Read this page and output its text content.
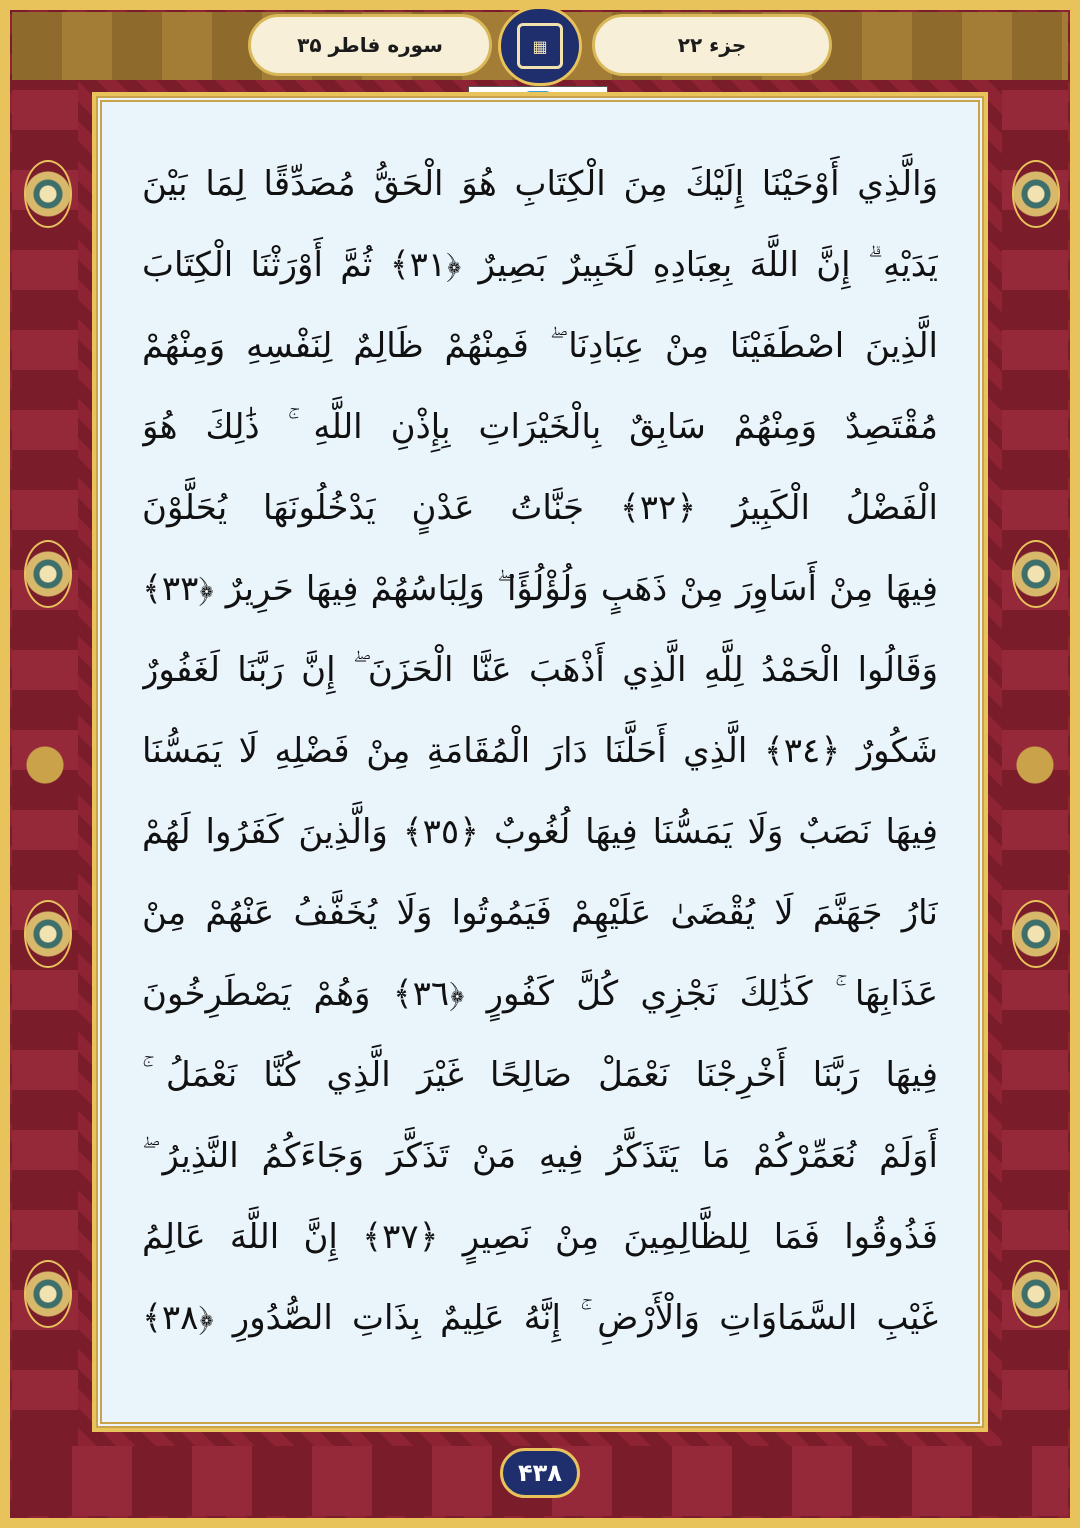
سوره فاطر ۳۵	جزء ۲۲
▦
وَالَّذِي أَوْحَيْنَا إِلَيْكَ مِنَ الْكِتَابِ هُوَ الْحَقُّ مُصَدِّقًا لِمَا بَيْنَ
يَدَيْهِ ۗ إِنَّ اللَّهَ بِعِبَادِهِ لَخَبِيرٌ بَصِيرٌ ﴿٣١﴾ ثُمَّ أَوْرَثْنَا الْكِتَابَ
الَّذِينَ اصْطَفَيْنَا مِنْ عِبَادِنَا ۖ فَمِنْهُمْ ظَالِمٌ لِنَفْسِهِ وَمِنْهُمْ
مُقْتَصِدٌ وَمِنْهُمْ سَابِقٌ بِالْخَيْرَاتِ بِإِذْنِ اللَّهِ ۚ ذَٰلِكَ هُوَ
الْفَضْلُ الْكَبِيرُ ﴿٣٢﴾ جَنَّاتُ عَدْنٍ يَدْخُلُونَهَا يُحَلَّوْنَ
فِيهَا مِنْ أَسَاوِرَ مِنْ ذَهَبٍ وَلُؤْلُؤًا ۖ وَلِبَاسُهُمْ فِيهَا حَرِيرٌ ﴿٣٣﴾
وَقَالُوا الْحَمْدُ لِلَّهِ الَّذِي أَذْهَبَ عَنَّا الْحَزَنَ ۖ إِنَّ رَبَّنَا لَغَفُورٌ
شَكُورٌ ﴿٣٤﴾ الَّذِي أَحَلَّنَا دَارَ الْمُقَامَةِ مِنْ فَضْلِهِ لَا يَمَسُّنَا
فِيهَا نَصَبٌ وَلَا يَمَسُّنَا فِيهَا لُغُوبٌ ﴿٣٥﴾ وَالَّذِينَ كَفَرُوا لَهُمْ
نَارُ جَهَنَّمَ لَا يُقْضَىٰ عَلَيْهِمْ فَيَمُوتُوا وَلَا يُخَفَّفُ عَنْهُمْ مِنْ
عَذَابِهَا ۚ كَذَٰلِكَ نَجْزِي كُلَّ كَفُورٍ ﴿٣٦﴾ وَهُمْ يَصْطَرِخُونَ
فِيهَا رَبَّنَا أَخْرِجْنَا نَعْمَلْ صَالِحًا غَيْرَ الَّذِي كُنَّا نَعْمَلُ ۚ
أَوَلَمْ نُعَمِّرْكُمْ مَا يَتَذَكَّرُ فِيهِ مَنْ تَذَكَّرَ وَجَاءَكُمُ النَّذِيرُ ۖ
فَذُوقُوا فَمَا لِلظَّالِمِينَ مِنْ نَصِيرٍ ﴿٣٧﴾ إِنَّ اللَّهَ عَالِمُ
غَيْبِ السَّمَاوَاتِ وَالْأَرْضِ ۚ إِنَّهُ عَلِيمٌ بِذَاتِ الصُّدُورِ ﴿٣٨﴾
۴۳۸
